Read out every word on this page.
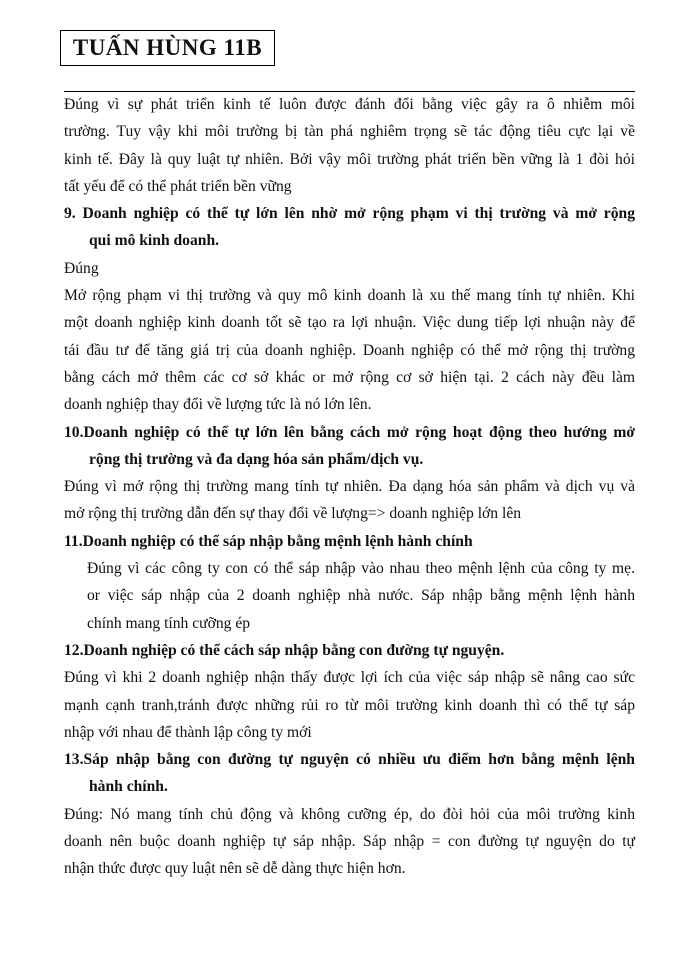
TUẤN HÙNG 11B
Đúng vì sự phát triển kinh tế luôn được đánh đổi bằng việc gây ra ô nhiễm môi
trường. Tuy vậy khi môi trường bị tàn phá nghiêm trọng sẽ tác động tiêu cực lại về
kinh tế. Đây là quy luật tự nhiên. Bởi vậy môi trường phát triển bền vững là 1 đòi hỏi
tất yếu để có thể phát triển bền vững
9. Doanh nghiệp có thể tự lớn lên nhờ mở rộng phạm vi thị trường và mở rộng
qui mô kinh doanh.
Đúng
Mở rộng phạm vi thị trường và quy mô kinh doanh là xu thế mang tính tự nhiên. Khi
một doanh nghiệp kinh doanh tốt sẽ tạo ra lợi nhuận. Việc dung tiếp lợi nhuận này để
tái đầu tư để tăng giá trị của doanh nghiệp. Doanh nghiệp có thể mở rộng thị trường
bằng cách mở thêm các cơ sở khác or mở rộng cơ sở hiện tại. 2 cách này đều làm
doanh nghiệp thay đổi về lượng tức là nó lớn lên.
10.Doanh nghiệp có thể tự lớn lên bằng cách mở rộng hoạt động theo hướng mở
rộng thị trường và đa dạng hóa sản phẩm/dịch vụ.
Đúng vì mở rộng thị trường mang tính tự nhiên. Đa dạng hóa sản phẩm và dịch vụ và
mở rộng thị trường dẫn đến sự thay đổi về lượng=> doanh nghiệp lớn lên
11.Doanh nghiệp có thể sáp nhập bằng mệnh lệnh hành chính
Đúng vì các công ty con có thể sáp nhập vào nhau theo mệnh lệnh của công ty mẹ.
or việc sáp nhập của 2 doanh nghiệp nhà nước. Sáp nhập bằng mệnh lệnh hành
chính mang tính cưỡng ép
12.Doanh nghiệp có thể cách sáp nhập bằng con đường tự nguyện.
Đúng vì khi 2 doanh nghiệp nhận thấy được lợi ích của việc sáp nhập sẽ nâng cao sức
mạnh cạnh tranh,tránh được những rủi ro từ môi trường kinh doanh thì có thể tự sáp
nhập với nhau để thành lập công ty mới
13.Sáp nhập bằng con đường tự nguyện có nhiều ưu điểm hơn bằng mệnh lệnh
hành chính.
Đúng: Nó mang tính chủ động và không cưỡng ép, do đòi hỏi của môi trường kinh
doanh nên buộc doanh nghiệp tự sáp nhập. Sáp nhập = con đường tự nguyện do tự
nhận thức được quy luật nên sẽ dễ dàng thực hiện hơn.
